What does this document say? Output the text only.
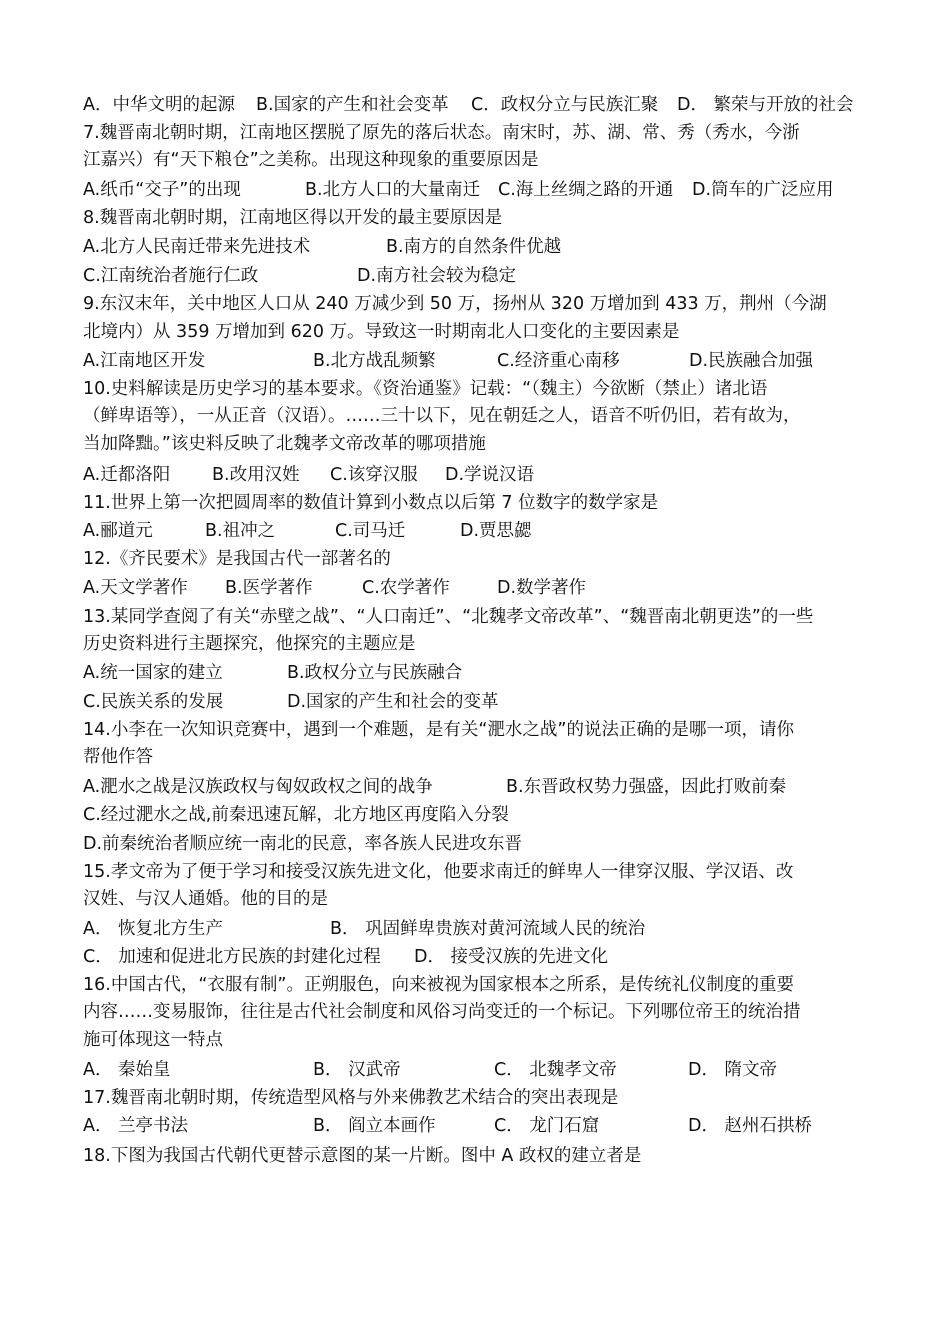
A．中华文明的起源 B.国家的产生和社会变革 C．政权分立与民族汇聚 D． 繁荣与开放的社会
7.魏晋南北朝时期，江南地区摆脱了原先的落后状态。南宋时，苏、湖、常、秀（秀水，今浙
江嘉兴）有“天下粮仓”之美称。出现这种现象的重要原因是
A.纸币“交子”的出现	B.北方人口的大量南迁 C.海上丝绸之路的开通 D.筒车的广泛应用
8.魏晋南北朝时期，江南地区得以开发的最主要原因是
A.北方人民南迁带来先进技术	B.南方的自然条件优越
C.江南统治者施行仁政	D.南方社会较为稳定
9.东汉末年，关中地区人口从 240 万减少到 50 万，扬州从 320 万增加到 433 万，荆州（今湖
北境内）从 359 万增加到 620 万。导致这一时期南北人口变化的主要因素是
A.江南地区开发	B.北方战乱频繁	C.经济重心南移	D.民族融合加强
10.史料解读是历史学习的基本要求。《资治通鉴》记载：“（魏主）今欲断（禁止）诸北语
（鲜卑语等），一从正音（汉语）。……三十以下，见在朝廷之人，语音不听仍旧，若有故为，
当加降黜。”该史料反映了北魏孝文帝改革的哪项措施
A.迁都洛阳 B.改用汉姓 C.该穿汉服 D.学说汉语
11.世界上第一次把圆周率的数值计算到小数点以后第 7 位数字的数学家是
A.郦道元	B.祖冲之	C.司马迁	D.贾思勰
12.《齐民要术》是我国古代一部著名的
A.天文学著作 B.医学著作	C.农学著作	D.数学著作
13.某同学查阅了有关“赤壁之战”、“人口南迁”、“北魏孝文帝改革”、“魏晋南北朝更迭”的一些
历史资料进行主题探究，他探究的主题应是
A.统一国家的建立	B.政权分立与民族融合
C.民族关系的发展	D.国家的产生和社会的变革
14.小李在一次知识竞赛中，遇到一个难题，是有关“淝水之战”的说法正确的是哪一项，请你
帮他作答
A.淝水之战是汉族政权与匈奴政权之间的战争	B.东晋政权势力强盛，因此打败前秦
C.经过淝水之战,前秦迅速瓦解，北方地区再度陷入分裂
D.前秦统治者顺应统一南北的民意，率各族人民进攻东晋
15.孝文帝为了便于学习和接受汉族先进文化，他要求南迁的鲜卑人一律穿汉服、学汉语、改
汉姓、与汉人通婚。他的目的是
A． 恢复北方生产	B． 巩固鲜卑贵族对黄河流域人民的统治
C． 加速和促进北方民族的封建化过程 D． 接受汉族的先进文化
16.中国古代，“衣服有制”。正朔服色，向来被视为国家根本之所系，是传统礼仪制度的重要
内容……变易服饰，往往是古代社会制度和风俗习尚变迁的一个标记。下列哪位帝王的统治措
施可体现这一特点
A． 秦始皇	B． 汉武帝	C． 北魏孝文帝	D． 隋文帝
17.魏晋南北朝时期，传统造型风格与外来佛教艺术结合的突出表现是
A． 兰亭书法	B． 阎立本画作	C． 龙门石窟	D． 赵州石拱桥
18.下图为我国古代朝代更替示意图的某一片断。图中 A 政权的建立者是
